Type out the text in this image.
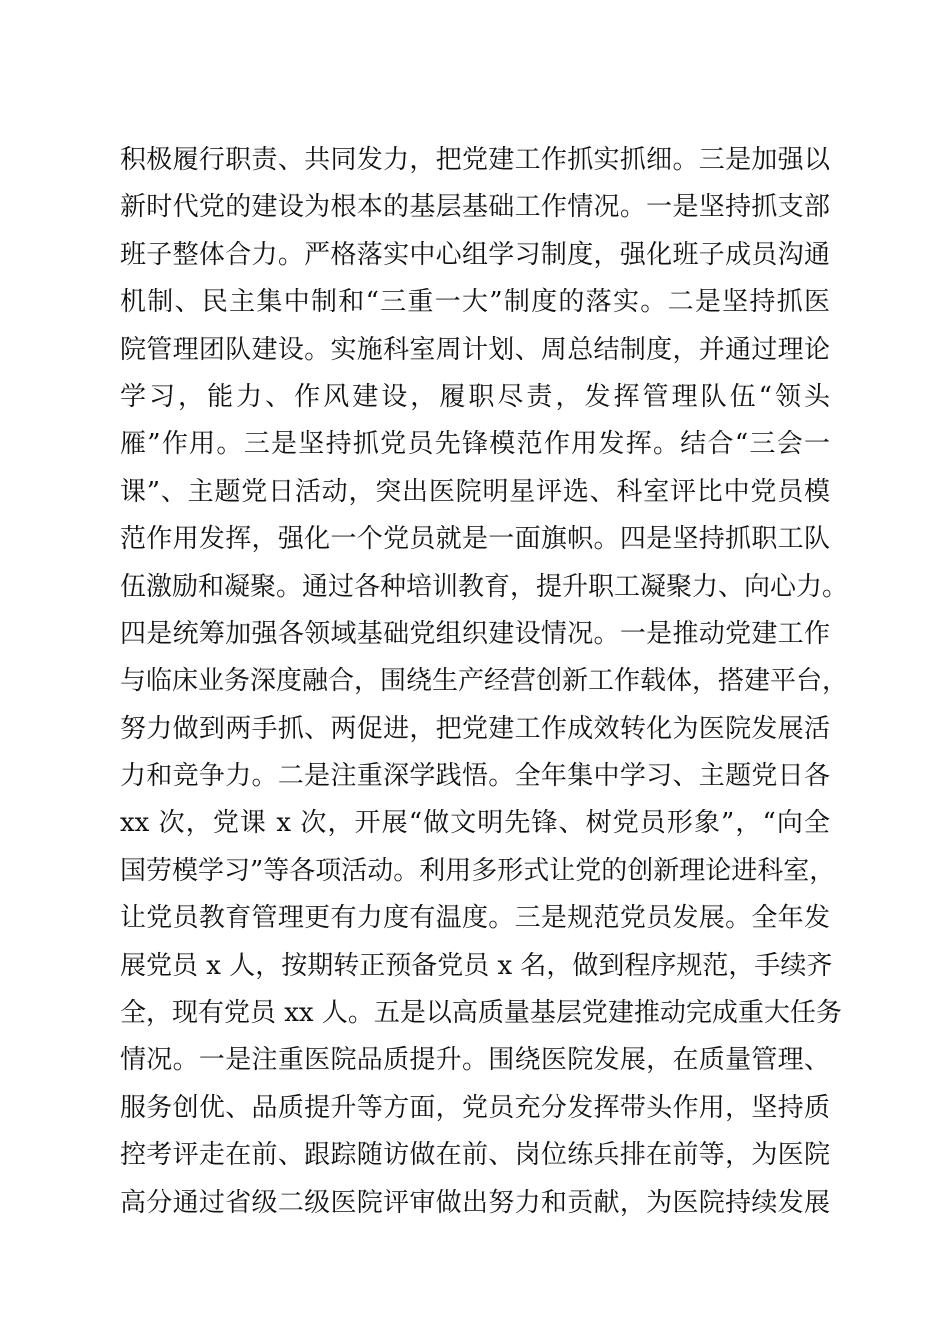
积极履行职责、共同发力，把党建工作抓实抓细。三是加强以
新时代党的建设为根本的基层基础工作情况。一是坚持抓支部
班子整体合力。严格落实中心组学习制度，强化班子成员沟通
机制、民主集中制和“三重一大”制度的落实。二是坚持抓医
院管理团队建设。实施科室周计划、周总结制度，并通过理论
学习，能力、作风建设，履职尽责，发挥管理队伍“领头
雁”作用。三是坚持抓党员先锋模范作用发挥。结合“三会一
课”、主题党日活动，突出医院明星评选、科室评比中党员模
范作用发挥，强化一个党员就是一面旗帜。四是坚持抓职工队
伍激励和凝聚。通过各种培训教育，提升职工凝聚力、向心力。
四是统筹加强各领域基础党组织建设情况。一是推动党建工作
与临床业务深度融合，围绕生产经营创新工作载体，搭建平台，
努力做到两手抓、两促进，把党建工作成效转化为医院发展活
力和竞争力。二是注重深学践悟。全年集中学习、主题党日各
xx 次，党课 x 次，开展“做文明先锋、树党员形象”，“向全
国劳模学习”等各项活动。利用多形式让党的创新理论进科室，
让党员教育管理更有力度有温度。三是规范党员发展。全年发
展党员 x 人，按期转正预备党员 x 名，做到程序规范，手续齐
全，现有党员 xx 人。五是以高质量基层党建推动完成重大任务
情况。一是注重医院品质提升。围绕医院发展，在质量管理、
服务创优、品质提升等方面，党员充分发挥带头作用，坚持质
控考评走在前、跟踪随访做在前、岗位练兵排在前等，为医院
高分通过省级二级医院评审做出努力和贡献，为医院持续发展
